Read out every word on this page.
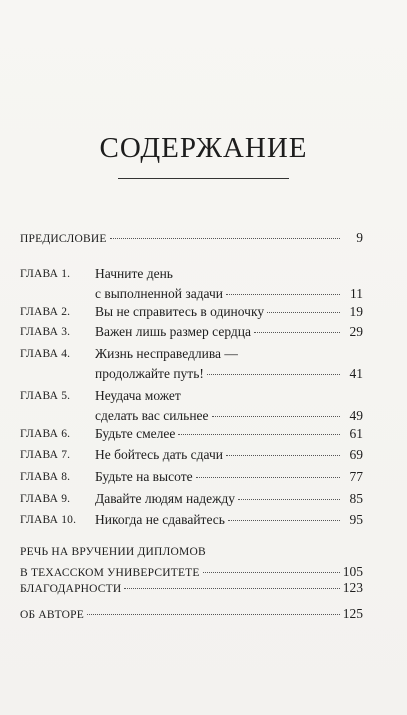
СОДЕРЖАНИЕ
ПРЕДИСЛОВИЕ	9
ГЛАВА 1.	Начните день
с выполненной задачи	11
ГЛАВА 2.	Вы не справитесь в одиночку	19
ГЛАВА 3.	Важен лишь размер сердца	29
ГЛАВА 4.	Жизнь несправедлива —
продолжайте путь!	41
ГЛАВА 5.	Неудача может
сделать вас сильнее	49
ГЛАВА 6.	Будьте смелее	61
ГЛАВА 7.	Не бойтесь дать сдачи	69
ГЛАВА 8.	Будьте на высоте	77
ГЛАВА 9.	Давайте людям надежду	85
ГЛАВА 10.	Никогда не сдавайтесь	95
РЕЧЬ НА ВРУЧЕНИИ ДИПЛОМОВ
В ТЕХАССКОМ УНИВЕРСИТЕТЕ	105
БЛАГОДАРНОСТИ	123
ОБ АВТОРЕ	125
